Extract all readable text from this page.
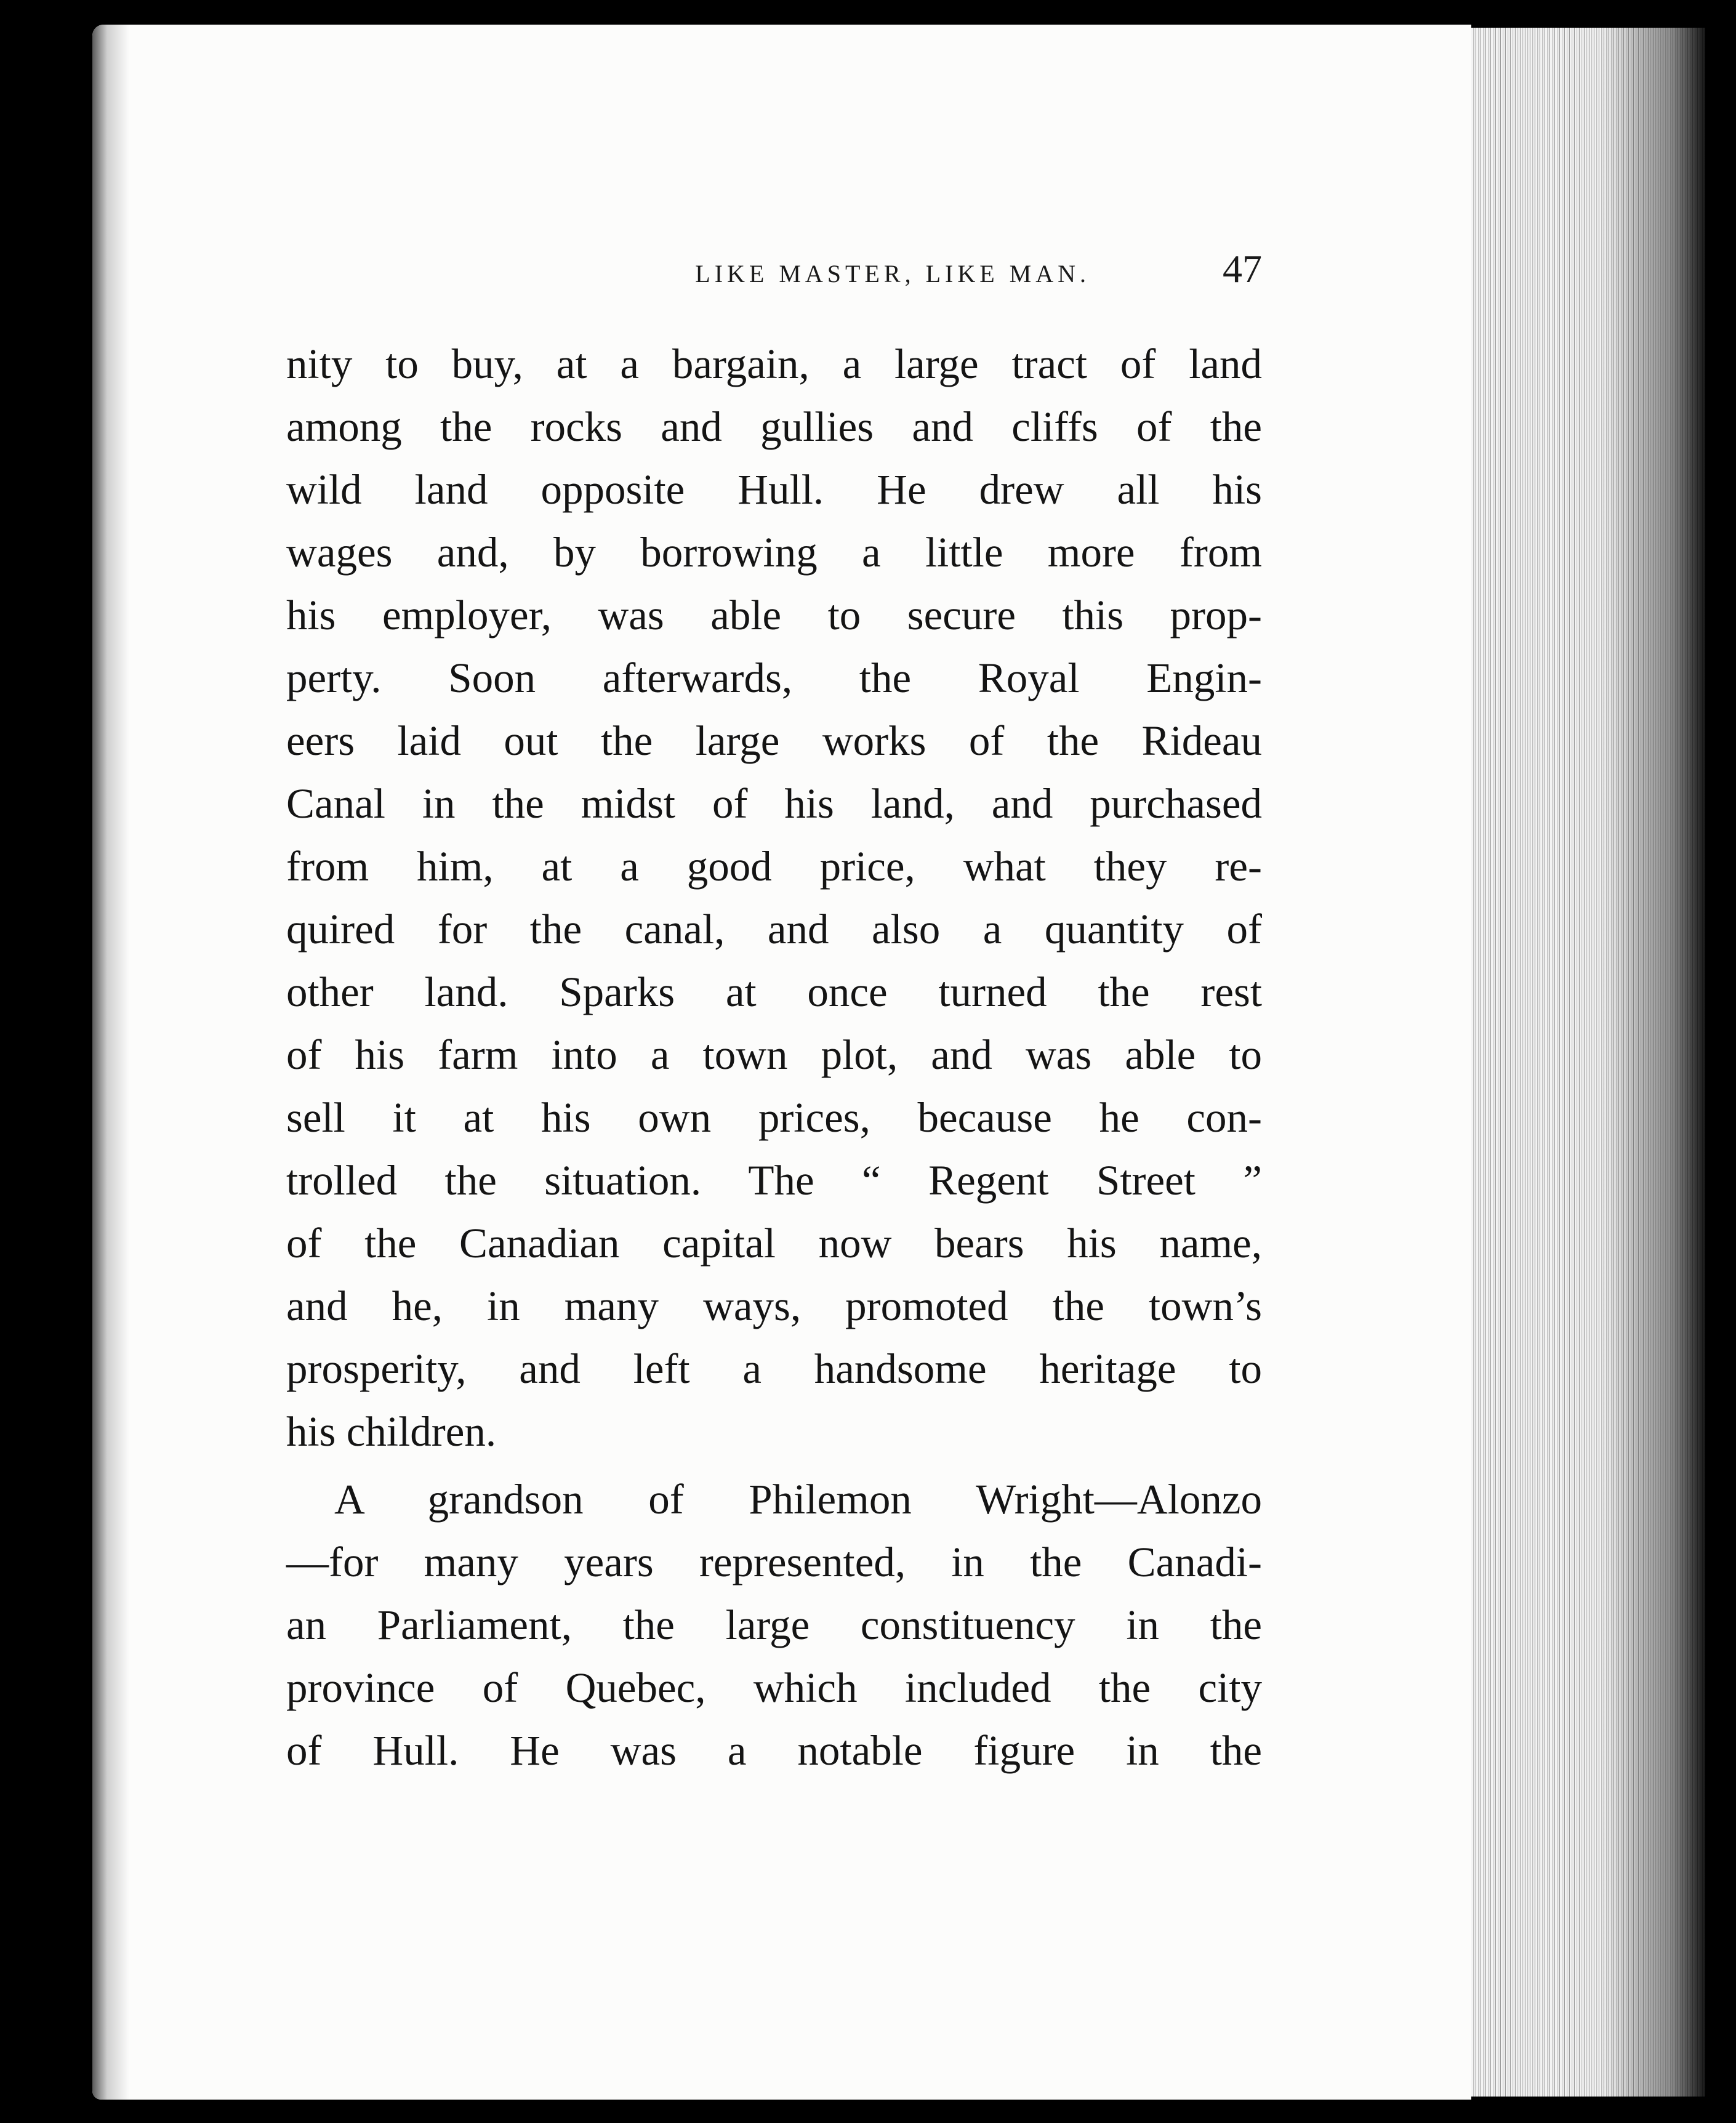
LIKE MASTER, LIKE MAN.	47
nity to buy, at a bargain, a large tract of land
among the rocks and gullies and cliffs of the
wild land opposite Hull. He drew all his
wages and, by borrowing a little more from
his employer, was able to secure this prop-
perty. Soon afterwards, the Royal Engin-
eers laid out the large works of the Rideau
Canal in the midst of his land, and purchased
from him, at a good price, what they re-
quired for the canal, and also a quantity of
other land. Sparks at once turned the rest
of his farm into a town plot, and was able to
sell it at his own prices, because he con-
trolled the situation. The “ Regent Street ”
of the Canadian capital now bears his name,
and he, in many ways, promoted the town’s
prosperity, and left a handsome heritage to
his children.
A grandson of Philemon Wright—Alonzo
—for many years represented, in the Canadi-
an Parliament, the large constituency in the
province of Quebec, which included the city
of Hull. He was a notable figure in the
